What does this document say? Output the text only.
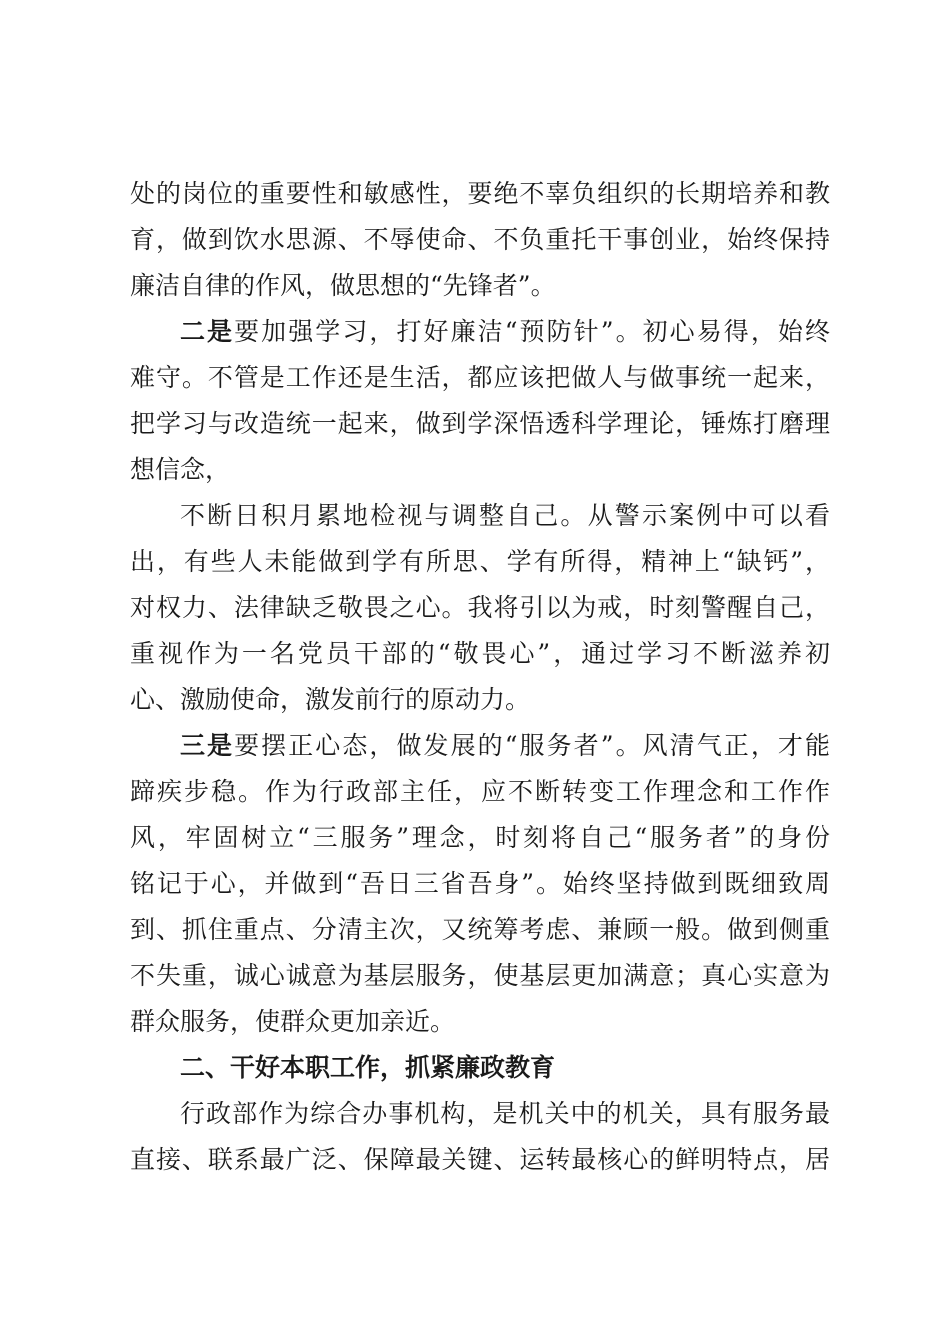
处的岗位的重要性和敏感性，要绝不辜负组织的长期培养和教
育，做到饮水思源、不辱使命、不负重托干事创业，始终保持
廉洁自律的作风，做思想的“先锋者”。
二是要加强学习，打好廉洁“预防针”。初心易得，始终
难守。不管是工作还是生活，都应该把做人与做事统一起来，
把学习与改造统一起来，做到学深悟透科学理论，锤炼打磨理
想信念，
不断日积月累地检视与调整自己。从警示案例中可以看
出，有些人未能做到学有所思、学有所得，精神上“缺钙”，
对权力、法律缺乏敬畏之心。我将引以为戒，时刻警醒自己，
重视作为一名党员干部的“敬畏心”，通过学习不断滋养初
心、激励使命，激发前行的原动力。
三是要摆正心态，做发展的“服务者”。风清气正，才能
蹄疾步稳。作为行政部主任，应不断转变工作理念和工作作
风，牢固树立“三服务”理念，时刻将自己“服务者”的身份
铭记于心，并做到“吾日三省吾身”。始终坚持做到既细致周
到、抓住重点、分清主次，又统筹考虑、兼顾一般。做到侧重
不失重，诚心诚意为基层服务，使基层更加满意；真心实意为
群众服务，使群众更加亲近。
二、干好本职工作，抓紧廉政教育
行政部作为综合办事机构，是机关中的机关，具有服务最
直接、联系最广泛、保障最关键、运转最核心的鲜明特点，居
